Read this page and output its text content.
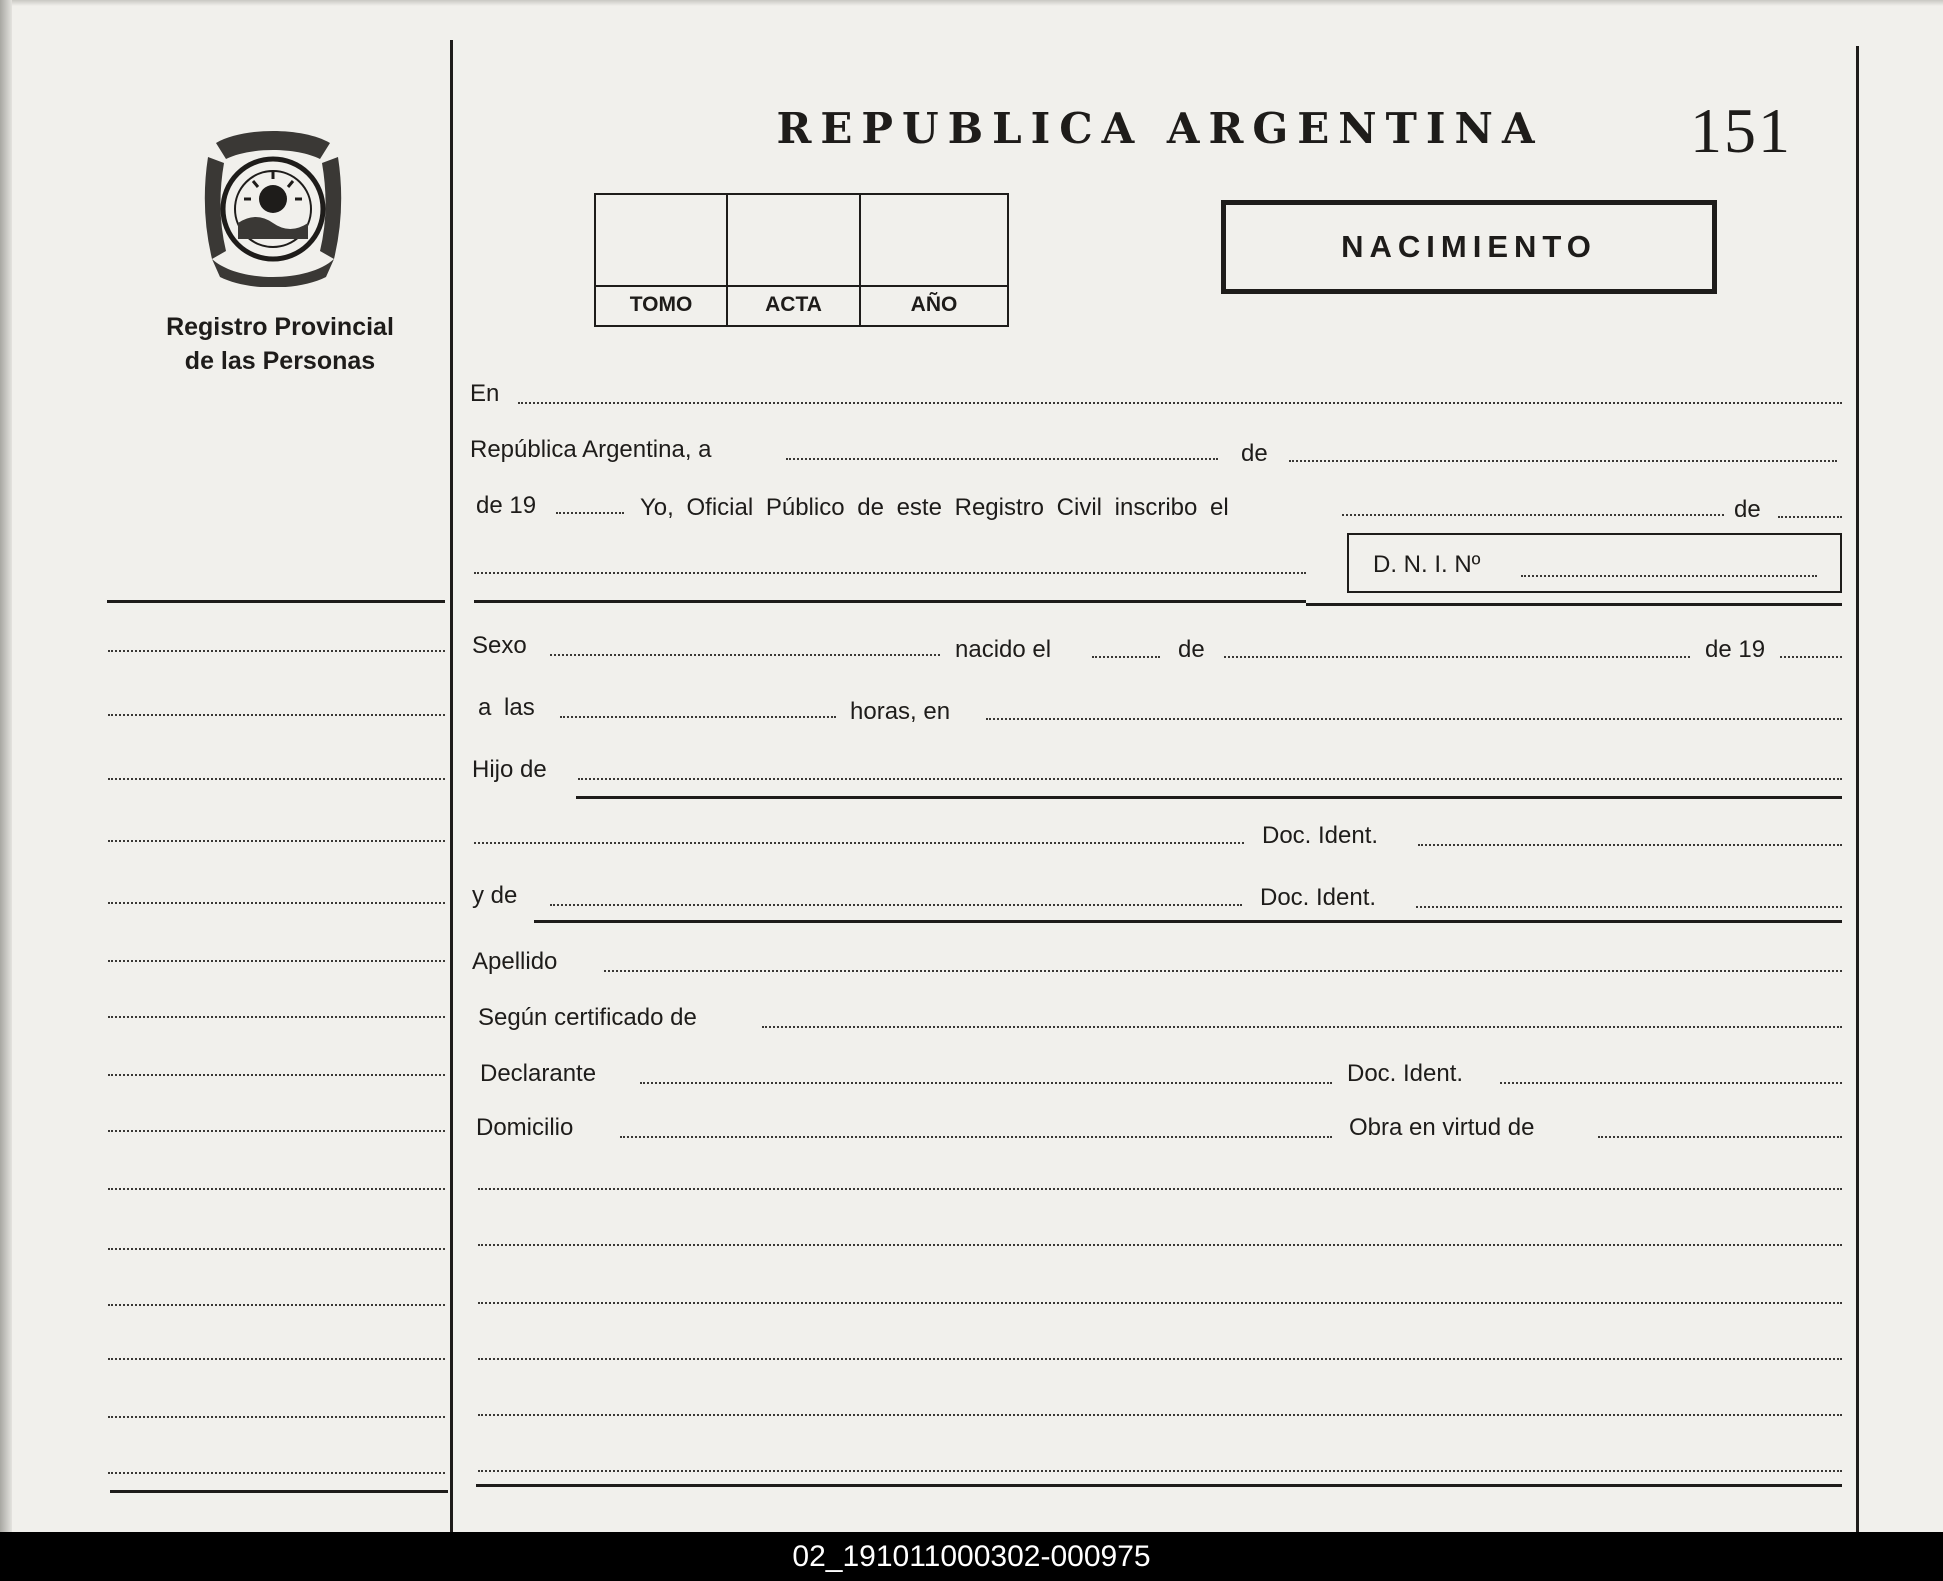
Registro Provincial
de las Personas
REPUBLICA ARGENTINA 151
TOMO	ACTA	AÑO
NACIMIENTO
En
República Argentina, a	de
de 19	Yo, Oficial Público de este Registro Civil inscribo el	de
D. N. I. Nº
Sexo	nacido el	de	de 19
a las	horas, en
Hijo de
Doc. Ident.
y de	Doc. Ident.
Apellido
Según certificado de
Declarante	Doc. Ident.
Domicilio	Obra en virtud de
02_191011000302-000975
